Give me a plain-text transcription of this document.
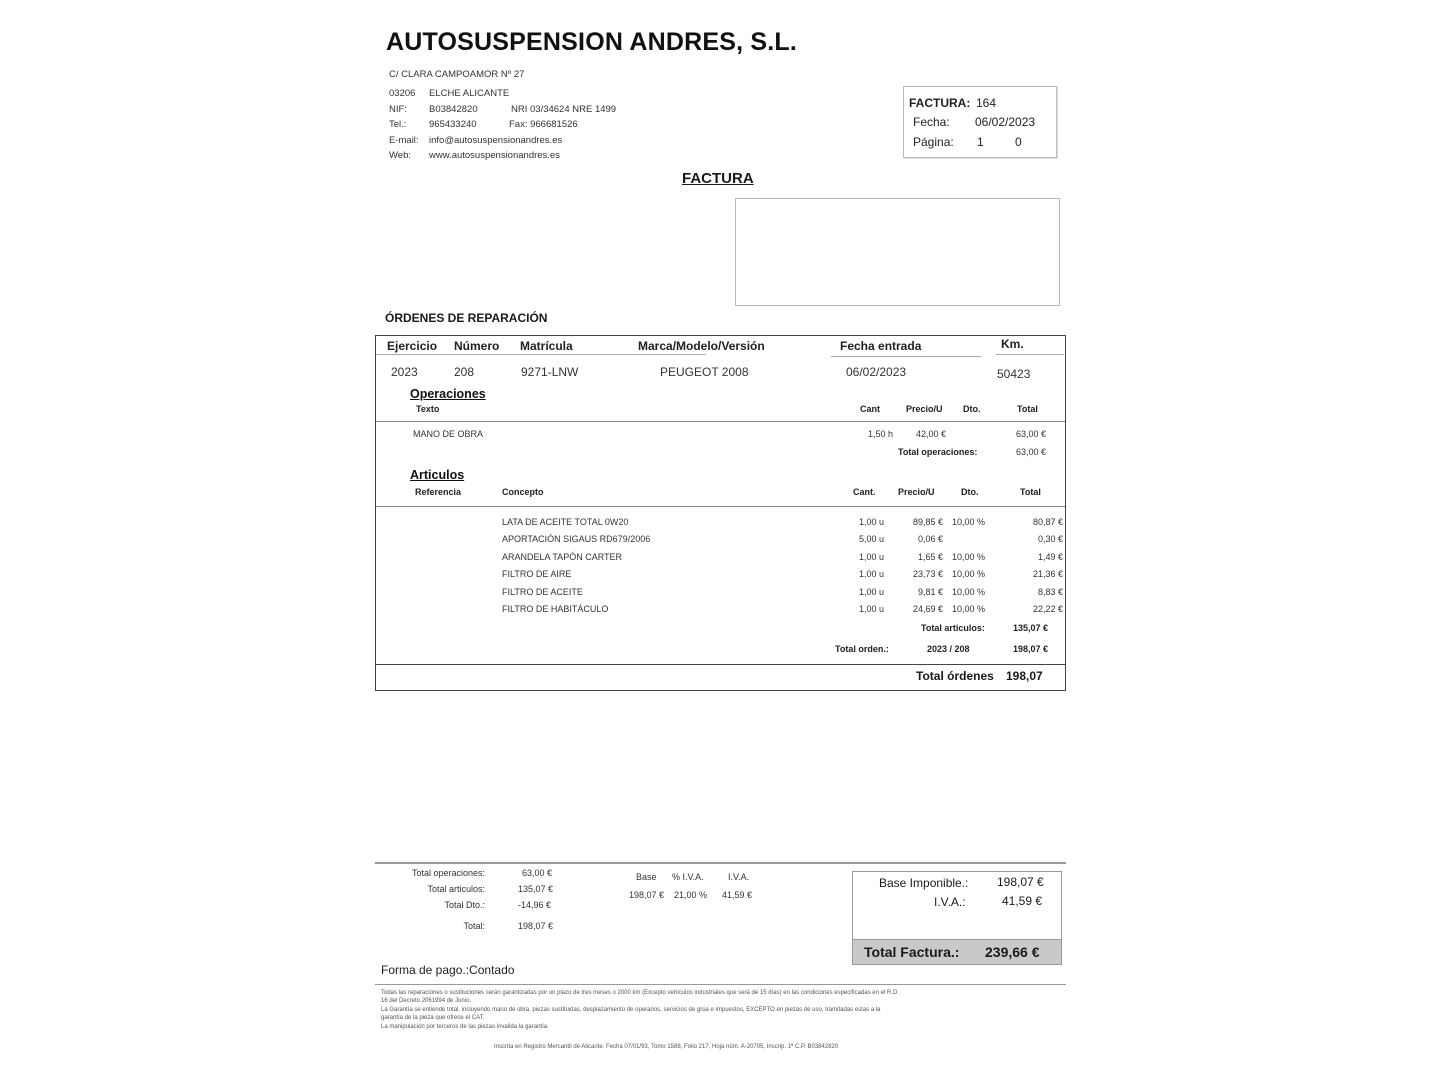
AUTOSUSPENSION ANDRES, S.L.
C/ CLARA CAMPOAMOR Nº 27
03206 ELCHE ALICANTE
NIF: B03842820	NRI 03/34624 NRE 1499
Tel.: 965433240	Fax: 966681526
E-mail: info@autosuspensionandres.es
Web: www.autosuspensionandres.es
FACTURA: 164
Fecha: 06/02/2023
Página: 1	0
FACTURA
ÓRDENES DE REPARACIÓN
Ejercicio Número Matrícula	Marca/Modelo/Versión	Fecha entrada	Km.
2023	208	9271-LNW	PEUGEOT 2008	06/02/2023	50423
Operaciones
Texto	Cant	Precio/U Dto.	Total
MANO DE OBRA	1,50 h	42,00 €	63,00 €
Total operaciones:	63,00 €
Articulos
Referencia	Concepto	Cant.	Precio/U	Dto.	Total
LATA DE ACEITE TOTAL 0W20	1,00 u	89,85 € 10,00 %	80,87 €
APORTACIÓN SIGAUS RD679/2006	5,00 u	0,06 €	0,30 €
ARANDELA TAPÓN CARTER	1,00 u	1,65 € 10,00 %	1,49 €
FILTRO DE AIRE	1,00 u	23,73 € 10,00 %	21,36 €
FILTRO DE ACEITE	1,00 u	9,81 € 10,00 %	8,83 €
FILTRO DE HABITÁCULO	1,00 u	24,69 € 10,00 %	22,22 €
Total articulos:	135,07 €
Total orden.:	2023 / 208	198,07 €
Total órdenes 198,07
Total operaciones:	63,00 €
Total articulos:	135,07 €
Total Dto.:	-14,96 €
Total:	198,07 €
Base % I.V.A.	I.V.A.
198,07 € 21,00 % 41,59 €
Base Imponible.: 198,07 €
I.V.A.:	41,59 €
Total Factura.: 239,66 €
Forma de pago.:Contado
Todas las reparaciones o sustituciones serán garantizadas por un plazo de tres meses o 2000 km (Excepto vehículos industriales que será de 15 días) en las condiciones especificadas en el R.D.
16 del Decreto 2061994 de Junio.
La Garantía se entiende total, incluyendo mano de obra, piezas sustituidas, desplazamiento de operarios, servicios de grúa e impuestos, EXCEPTO en piezas de uso, tramitadas estas a la
garantía de la pieza que ofrece el CAT.
La manipulación por terceros de las piezas invalida la garantía.
Inscrita en Registro Mercantil de Alicante. Fecha 07/01/93, Tomo 1588, Folio 217, Hoja núm. A-20705, Inscrip. 1ª C.P. B03842820
